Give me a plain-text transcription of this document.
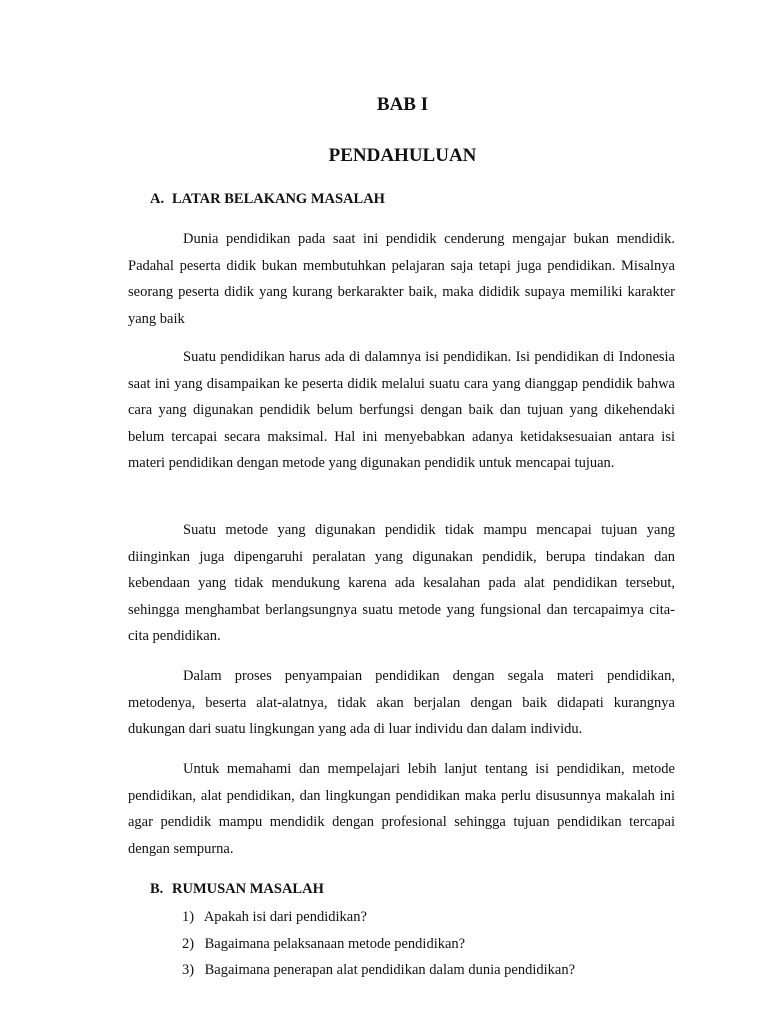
BAB I
PENDAHULUAN
A. LATAR BELAKANG MASALAH

Dunia pendidikan pada saat ini pendidik cenderung mengajar bukan mendidik. Padahal peserta didik bukan membutuhkan pelajaran saja tetapi juga pendidikan. Misalnya seorang peserta didik yang kurang berkarakter baik, maka dididik supaya memiliki karakter yang baik

Suatu pendidikan harus ada di dalamnya isi pendidikan. Isi pendidikan di Indonesia saat ini yang disampaikan ke peserta didik melalui suatu cara yang dianggap pendidik bahwa cara yang digunakan pendidik belum berfungsi dengan baik dan tujuan yang dikehendaki belum tercapai secara maksimal. Hal ini menyebabkan adanya ketidaksesuaian antara isi materi pendidikan dengan metode yang digunakan pendidik untuk mencapai tujuan.

Suatu metode yang digunakan pendidik tidak mampu mencapai tujuan yang diinginkan juga dipengaruhi peralatan yang digunakan pendidik, berupa tindakan dan kebendaan yang tidak mendukung karena ada kesalahan pada alat pendidikan tersebut, sehingga menghambat berlangsungnya suatu metode yang fungsional dan tercapaimya cita-cita pendidikan.

Dalam proses penyampaian pendidikan dengan segala materi pendidikan, metodenya, beserta alat-alatnya, tidak akan berjalan dengan baik didapati kurangnya dukungan dari suatu lingkungan yang ada di luar individu dan dalam individu.

Untuk memahami dan mempelajari lebih lanjut tentang isi pendidikan, metode pendidikan, alat pendidikan, dan lingkungan pendidikan maka perlu disusunnya makalah ini agar pendidik mampu mendidik dengan profesional sehingga tujuan pendidikan tercapai dengan sempurna.

B. RUMUSAN MASALAH
1) Apakah isi dari pendidikan?
2) Bagaimana pelaksanaan metode pendidikan?
3) Bagaimana penerapan alat pendidikan dalam dunia pendidikan?
